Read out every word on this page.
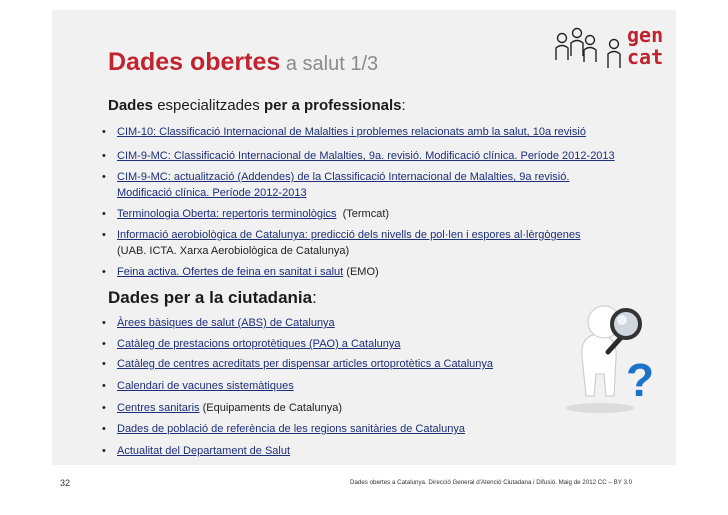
Dades obertes a salut 1/3
gen
cat
Dades especialitzades per a professionals:
• CIM-10: Classificació Internacional de Malalties i problemes relacionats amb la salut, 10a revisió
• CIM-9-MC: Classificació Internacional de Malalties, 9a. revisió. Modificació clínica. Període 2012-2013
• CIM-9-MC: actualització (Addendes) de la Classificació Internacional de Malalties, 9a revisió.
Modificació clínica. Període 2012-2013
• Terminologia Oberta: repertoris terminològics  (Termcat)
• Informació aerobiològica de Catalunya: predicció dels nivells de pol·len i espores al·lèrgògenes
(UAB. ICTA. Xarxa Aerobiològica de Catalunya)
• Feina activa. Ofertes de feina en sanitat i salut (EMO)
Dades per a la ciutadania:
• Àrees bàsiques de salut (ABS) de Catalunya
• Catàleg de prestacions ortoprotètiques (PAO) a Catalunya
• Catàleg de centres acreditats per dispensar articles ortoprotètics a Catalunya
• Calendari de vacunes sistemàtiques
• Centres sanitaris (Equipaments de Catalunya)
• Dades de població de referència de les regions sanitàries de Catalunya
• Actualitat del Departament de Salut
?
32	Dades obertes a Catalunya. Direcció General d'Atenció Ciutadana i Difusió. Maig de 2012 CC – BY 3.0
